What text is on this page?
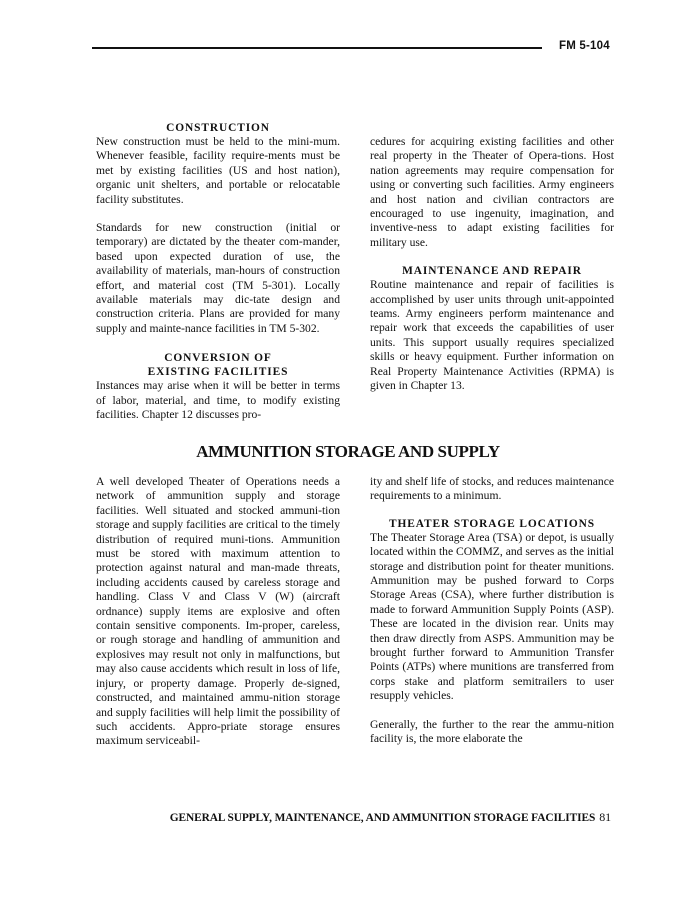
FM 5-104
CONSTRUCTION

New construction must be held to the mini-mum. Whenever feasible, facility require-ments must be met by existing facilities (US and host nation), organic unit shelters, and portable or relocatable facility substitutes.

Standards for new construction (initial or temporary) are dictated by the theater com-mander, based upon expected duration of use, the availability of materials, man-hours of construction effort, and material cost (TM 5-301). Locally available materials may dic-tate design and construction criteria. Plans are provided for many supply and mainte-nance facilities in TM 5-302.

CONVERSION OF
EXISTING FACILITIES

Instances may arise when it will be better in terms of labor, material, and time, to modify existing facilities. Chapter 12 discusses pro-

cedures for acquiring existing facilities and other real property in the Theater of Opera-tions. Host nation agreements may require compensation for using or converting such facilities. Army engineers and host nation and civilian contractors are encouraged to use ingenuity, imagination, and inventive-ness to adapt existing facilities for military use.

MAINTENANCE AND REPAIR

Routine maintenance and repair of facilities is accomplished by user units through unit-appointed teams. Army engineers perform maintenance and repair work that exceeds the capabilities of user units. This support usually requires specialized skills or heavy equipment. Further information on Real Property Maintenance Activities (RPMA) is given in Chapter 13.

AMMUNITION STORAGE AND SUPPLY

A well developed Theater of Operations needs a network of ammunition supply and storage facilities. Well situated and stocked ammuni-tion storage and supply facilities are critical to the timely distribution of required muni-tions. Ammunition must be stored with maximum attention to protection against natural and man-made threats, including accidents caused by careless storage and handling. Class V and Class V (W) (aircraft ordnance) supply items are explosive and often contain sensitive components. Im-proper, careless, or rough storage and handling of ammunition and explosives may result not only in malfunctions, but may also cause accidents which result in loss of life, injury, or property damage. Properly de-signed, constructed, and maintained ammu-nition storage and supply facilities will help limit the possibility of such accidents. Appro-priate storage ensures maximum serviceabil-

ity and shelf life of stocks, and reduces maintenance requirements to a minimum.

THEATER STORAGE LOCATIONS

The Theater Storage Area (TSA) or depot, is usually located within the COMMZ, and serves as the initial storage and distribution point for theater munitions. Ammunition may be pushed forward to Corps Storage Areas (CSA), where further distribution is made to forward Ammunition Supply Points (ASP). These are located in the division rear. Units may then draw directly from ASPS. Ammunition may be brought further forward to Ammunition Transfer Points (ATPs) where munitions are transferred from corps stake and platform semitrailers to user resupply vehicles.

Generally, the further to the rear the ammu-nition facility is, the more elaborate the

GENERAL SUPPLY, MAINTENANCE, AND AMMUNITION STORAGE FACILITIES 81
